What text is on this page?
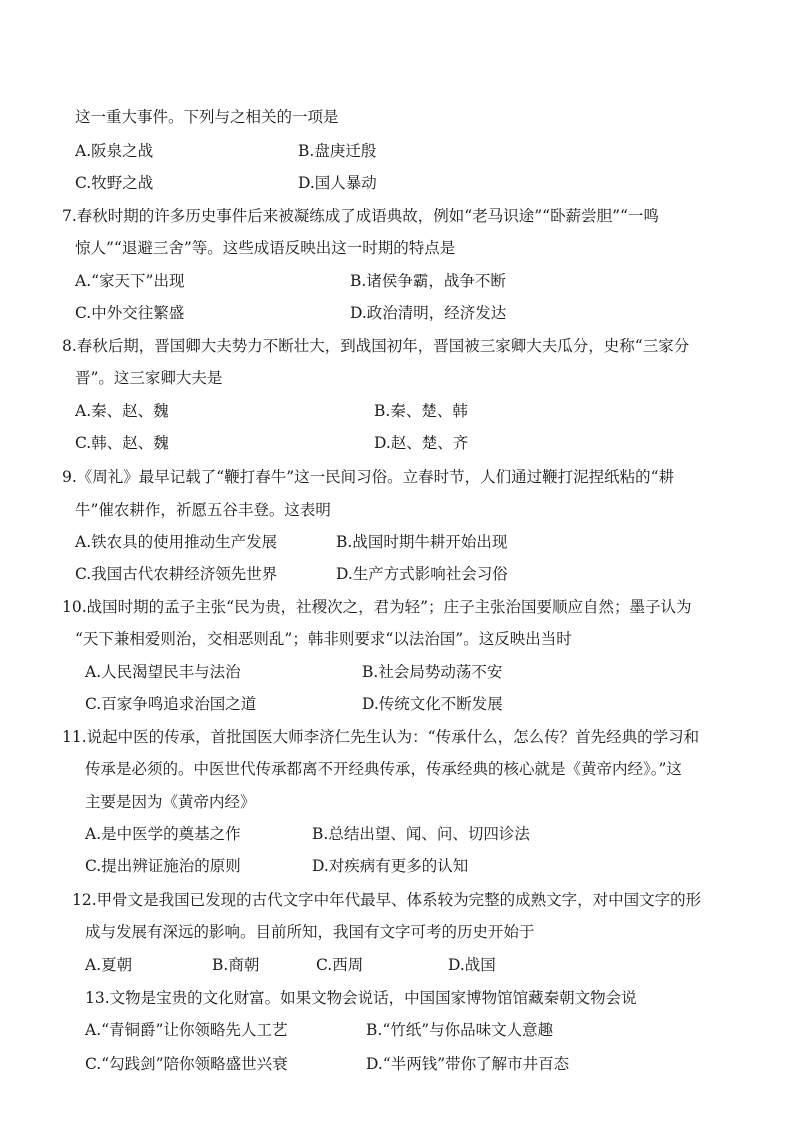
这一重大事件。下列与之相关的一项是
A.阪泉之战	B.盘庚迁殷
C.牧野之战	D.国人暴动
7.春秋时期的许多历史事件后来被凝练成了成语典故，例如“老马识途”“卧薪尝胆”“一鸣
惊人”“退避三舍”等。这些成语反映出这一时期的特点是
A.“家天下”出现	B.诸侯争霸，战争不断
C.中外交往繁盛	D.政治清明，经济发达
8.春秋后期，晋国卿大夫势力不断壮大，到战国初年，晋国被三家卿大夫瓜分，史称“三家分
晋”。这三家卿大夫是
A.秦、赵、魏	B.秦、楚、韩
C.韩、赵、魏	D.赵、楚、齐
9.《周礼》最早记载了“鞭打春牛”这一民间习俗。立春时节，人们通过鞭打泥捏纸粘的“耕
牛”催农耕作，祈愿五谷丰登。这表明
A.铁农具的使用推动生产发展	B.战国时期牛耕开始出现
C.我国古代农耕经济领先世界	D.生产方式影响社会习俗
10.战国时期的孟子主张“民为贵，社稷次之，君为轻”；庄子主张治国要顺应自然；墨子认为
“天下兼相爱则治，交相恶则乱”；韩非则要求“以法治国”。这反映出当时
A.人民渴望民丰与法治	B.社会局势动荡不安
C.百家争鸣追求治国之道	D.传统文化不断发展
11.说起中医的传承，首批国医大师李济仁先生认为：“传承什么，怎么传？首先经典的学习和
传承是必须的。中医世代传承都离不开经典传承，传承经典的核心就是《黄帝内经》。”这
主要是因为《黄帝内经》
A.是中医学的奠基之作	B.总结出望、闻、问、切四诊法
C.提出辨证施治的原则	D.对疾病有更多的认知
12.甲骨文是我国已发现的古代文字中年代最早、体系较为完整的成熟文字，对中国文字的形
成与发展有深远的影响。目前所知，我国有文字可考的历史开始于
A.夏朝	B.商朝	C.西周	D.战国
13.文物是宝贵的文化财富。如果文物会说话，中国国家博物馆馆藏秦朝文物会说
A.“青铜爵”让你领略先人工艺	B.“竹纸”与你品味文人意趣
C.“勾践剑”陪你领略盛世兴衰	D.“半两钱”带你了解市井百态
